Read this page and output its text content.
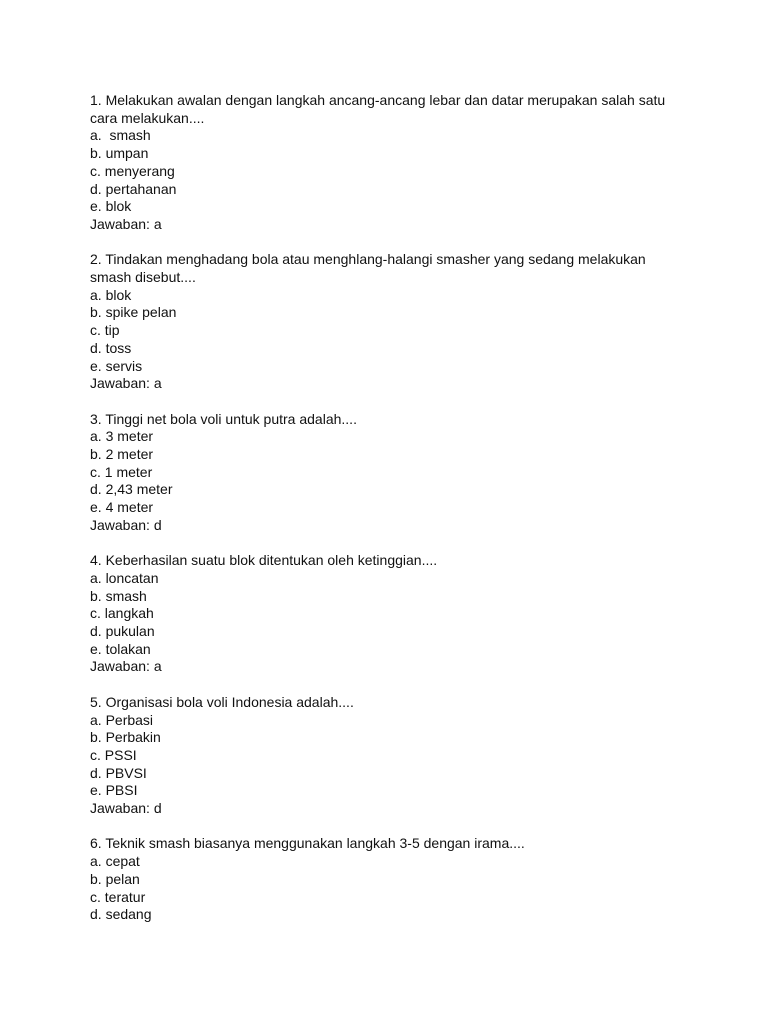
1. Melakukan awalan dengan langkah ancang-ancang lebar dan datar merupakan salah satu cara melakukan....
a.  smash
b. umpan
c. menyerang
d. pertahanan
e. blok
Jawaban: a
2. Tindakan menghadang bola atau menghlang-halangi smasher yang sedang melakukan smash disebut....
a. blok
b. spike pelan
c. tip
d. toss
e. servis
Jawaban: a
3. Tinggi net bola voli untuk putra adalah....
a. 3 meter
b. 2 meter
c. 1 meter
d. 2,43 meter
e. 4 meter
Jawaban: d
4. Keberhasilan suatu blok ditentukan oleh ketinggian....
a. loncatan
b. smash
c. langkah
d. pukulan
e. tolakan
Jawaban: a
5. Organisasi bola voli Indonesia adalah....
a. Perbasi
b. Perbakin
c. PSSI
d. PBVSI
e. PBSI
Jawaban: d
6. Teknik smash biasanya menggunakan langkah 3-5 dengan irama....
a. cepat
b. pelan
c. teratur
d. sedang
